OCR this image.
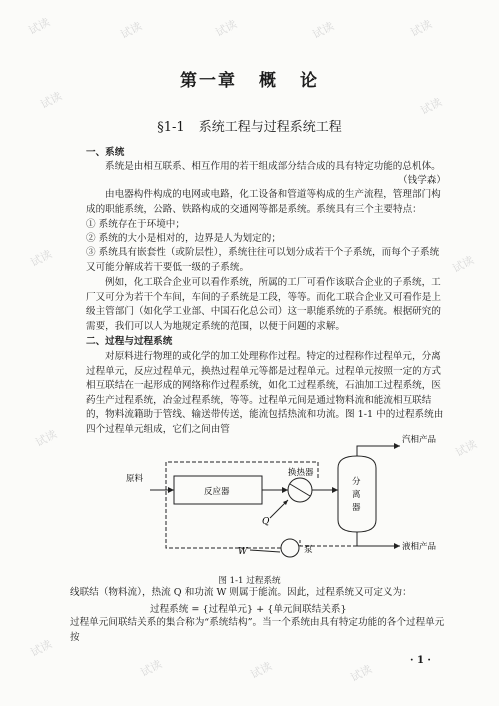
试读	试读	试读	试读	试读
试读	试读
试读	试读
试读	试读
试读
试读	试读	试读
第一章 概 论
§1-1 系统工程与过程系统工程
一、系统
系统是由相互联系、相互作用的若干组成部分结合成的具有特定功能的总机体。
（钱学森）
由电器构件构成的电网或电路，化工设备和管道等构成的生产流程，管理部门构成的职能系统，公路、铁路构成的交通网等都是系统。系统具有三个主要特点：
① 系统存在于环境中；
② 系统的大小是相对的，边界是人为划定的；
③ 系统具有嵌套性（或阶层性），系统往往可以划分成若干个子系统，而每个子系统又可能分解成若干要低一级的子系统。
例如，化工联合企业可以看作系统，所属的工厂可看作该联合企业的子系统，工厂又可分为若干个车间，车间的子系统是工段，等等。而化工联合企业又可看作是上级主管部门（如化学工业部、中国石化总公司）这一职能系统的子系统。根据研究的需要，我们可以人为地规定系统的范围，以便于问题的求解。
二、过程与过程系统
对原料进行物理的或化学的加工处理称作过程。特定的过程称作过程单元，分离过程单元，反应过程单元，换热过程单元等都是过程单元。过程单元按照一定的方式相互联结在一起形成的网络称作过程系统，如化工过程系统，石油加工过程系统，医药生产过程系统，冶金过程系统，等等。过程单元间是通过物料流和能流相互联结的，物料流籍助于管线、输送带传送，能流包括热流和功流。图 1-1 中的过程系统由四个过程单元组成，它们之间由管
原料
反应器
换热器
分
离
器
汽相产品
液相产品
泵
Q
W
图 1-1 过程系统
线联结（物料流），热流 Q 和功流 W 则属于能流。因此，过程系统又可定义为：
过程系统 = {过程单元} + {单元间联结关系}
过程单元间联结关系的集合称为“系统结构”。当一个系统由具有特定功能的各个过程单元按
· 1 ·
